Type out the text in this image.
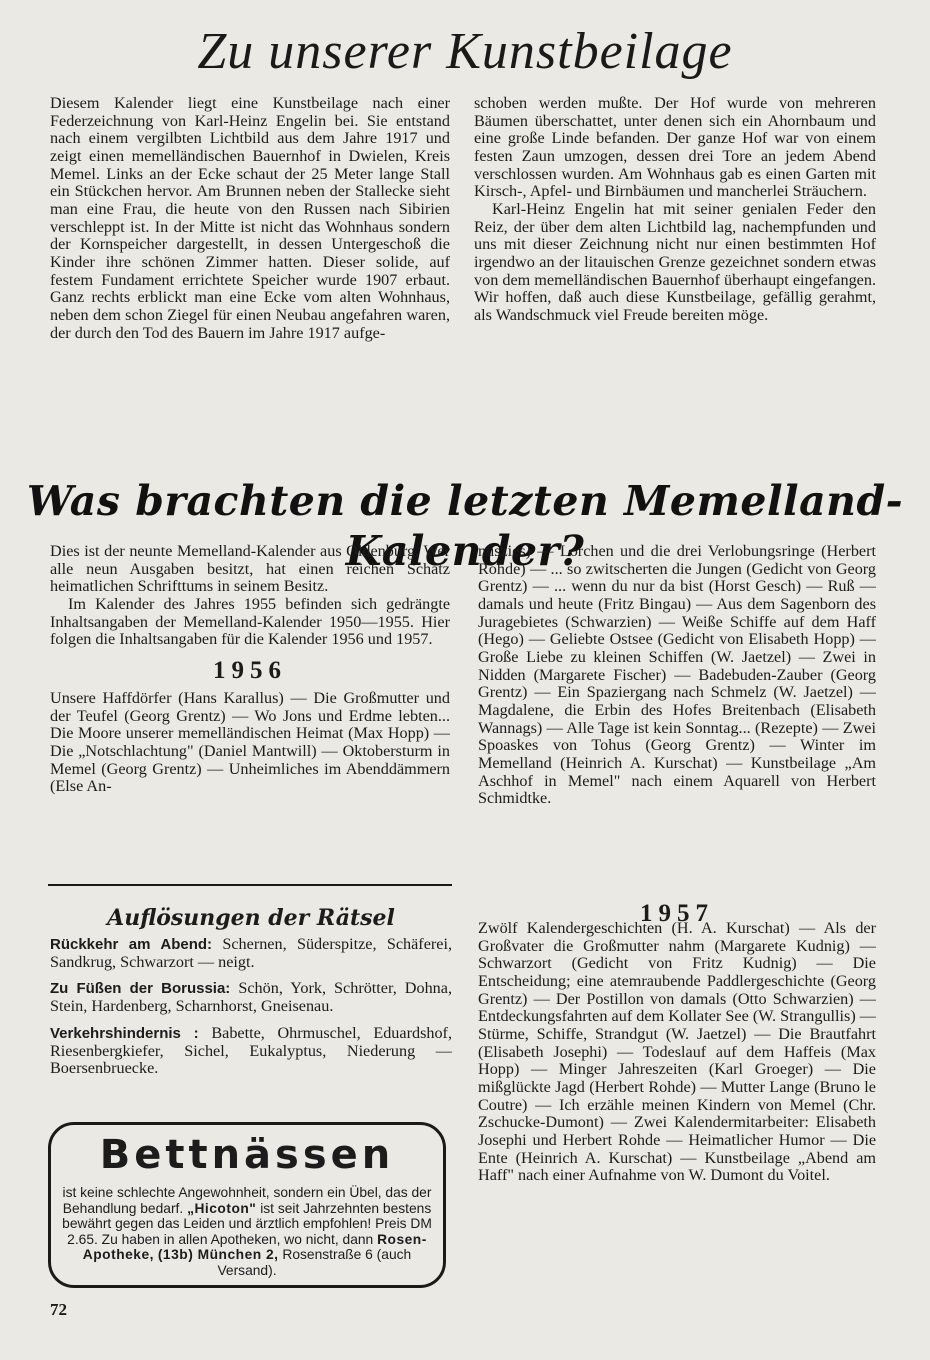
Zu unserer Kunstbeilage

Diesem Kalender liegt eine Kunstbeilage nach einer Federzeichnung von Karl-Heinz Engelin bei. Sie entstand nach einem vergilbten Lichtbild aus dem Jahre 1917 und zeigt einen memelländischen Bauernhof in Dwielen, Kreis Memel. Links an der Ecke schaut der 25 Meter lange Stall ein Stückchen hervor. Am Brunnen neben der Stallecke sieht man eine Frau, die heute von den Russen nach Sibirien verschleppt ist. In der Mitte ist nicht das Wohnhaus sondern der Kornspeicher dargestellt, in dessen Untergeschoß die Kinder ihre schönen Zimmer hatten. Dieser solide, auf festem Fundament errichtete Speicher wurde 1907 erbaut. Ganz rechts erblickt man eine Ecke vom alten Wohnhaus, neben dem schon Ziegel für einen Neubau angefahren waren, der durch den Tod des Bauern im Jahre 1917 aufge-

schoben werden mußte. Der Hof wurde von mehreren Bäumen überschattet, unter denen sich ein Ahornbaum und eine große Linde befanden. Der ganze Hof war von einem festen Zaun umzogen, dessen drei Tore an jedem Abend verschlossen wurden. Am Wohnhaus gab es einen Garten mit Kirsch-, Apfel- und Birnbäumen und mancherlei Sträuchern.

Karl-Heinz Engelin hat mit seiner genialen Feder den Reiz, der über dem alten Lichtbild lag, nachempfunden und uns mit dieser Zeichnung nicht nur einen bestimmten Hof irgendwo an der litauischen Grenze gezeichnet sondern etwas von dem memelländischen Bauernhof überhaupt eingefangen. Wir hoffen, daß auch diese Kunstbeilage, gefällig gerahmt, als Wandschmuck viel Freude bereiten möge.

Was brachten die letzten Memelland-Kalender?

Dies ist der neunte Memelland-Kalender aus Oldenburg. Wer alle neun Ausgaben besitzt, hat einen reichen Schatz heimatlichen Schrifttums in seinem Besitz.

Im Kalender des Jahres 1955 befinden sich gedrängte Inhaltsangaben der Memelland-Kalender 1950—1955. Hier folgen die Inhaltsangaben für die Kalender 1956 und 1957.

1956

Unsere Haffdörfer (Hans Karallus) — Die Großmutter und der Teufel (Georg Grentz) — Wo Jons und Erdme lebten... Die Moore unserer memelländischen Heimat (Max Hopp) — Die „Notschlachtung" (Daniel Mantwill) — Oktobersturm in Memel (Georg Grentz) — Unheimliches im Abenddämmern (Else An-

Auflösungen der Rätsel
Rückkehr am Abend: Schernen, Süderspitze, Schäferei, Sandkrug, Schwarzort — neigt.
Zu Füßen der Borussia: Schön, York, Schrötter, Dohna, Stein, Hardenberg, Scharnhorst, Gneisenau.
Verkehrshindernis : Babette, Ohrmuschel, Eduardshof, Riesenbergkiefer, Sichel, Eukalyptus, Niederung — Boersenbruecke.
Bettnässen
ist keine schlechte Angewohnheit, sondern ein Übel, das der Behandlung bedarf. „Hicoton" ist seit Jahrzehnten bestens bewährt gegen das Leiden und ärztlich empfohlen! Preis DM 2.65. Zu haben in allen Apotheken, wo nicht, dann Rosen-Apotheke, (13b) München 2, Rosenstraße 6 (auch Versand).

nuszies) — Lorchen und die drei Verlobungsringe (Herbert Rohde) — ... so zwitscherten die Jungen (Gedicht von Georg Grentz) — ... wenn du nur da bist (Horst Gesch) — Ruß — damals und heute (Fritz Bingau) — Aus dem Sagenborn des Juragebietes (Schwarzien) — Weiße Schiffe auf dem Haff (Hego) — Geliebte Ostsee (Gedicht von Elisabeth Hopp) — Große Liebe zu kleinen Schiffen (W. Jaetzel) — Zwei in Nidden (Margarete Fischer) — Badebuden-Zauber (Georg Grentz) — Ein Spaziergang nach Schmelz (W. Jaetzel) — Magdalene, die Erbin des Hofes Breitenbach (Elisabeth Wannags) — Alle Tage ist kein Sonntag... (Rezepte) — Zwei Spoaskes von Tohus (Georg Grentz) — Winter im Memelland (Heinrich A. Kurschat) — Kunstbeilage „Am Aschhof in Memel" nach einem Aquarell von Herbert Schmidtke.

1957

Zwölf Kalendergeschichten (H. A. Kurschat) — Als der Großvater die Großmutter nahm (Margarete Kudnig) — Schwarzort (Gedicht von Fritz Kudnig) — Die Entscheidung; eine atemraubende Paddlergeschichte (Georg Grentz) — Der Postillon von damals (Otto Schwarzien) — Entdeckungsfahrten auf dem Kollater See (W. Strangullis) — Stürme, Schiffe, Strandgut (W. Jaetzel) — Die Brautfahrt (Elisabeth Josephi) — Todeslauf auf dem Haffeis (Max Hopp) — Minger Jahreszeiten (Karl Groeger) — Die mißglückte Jagd (Herbert Rohde) — Mutter Lange (Bruno le Coutre) — Ich erzähle meinen Kindern von Memel (Chr. Zschucke-Dumont) — Zwei Kalendermitarbeiter: Elisabeth Josephi und Herbert Rohde — Heimatlicher Humor — Die Ente (Heinrich A. Kurschat) — Kunstbeilage „Abend am Haff" nach einer Aufnahme von W. Dumont du Voitel.

72
